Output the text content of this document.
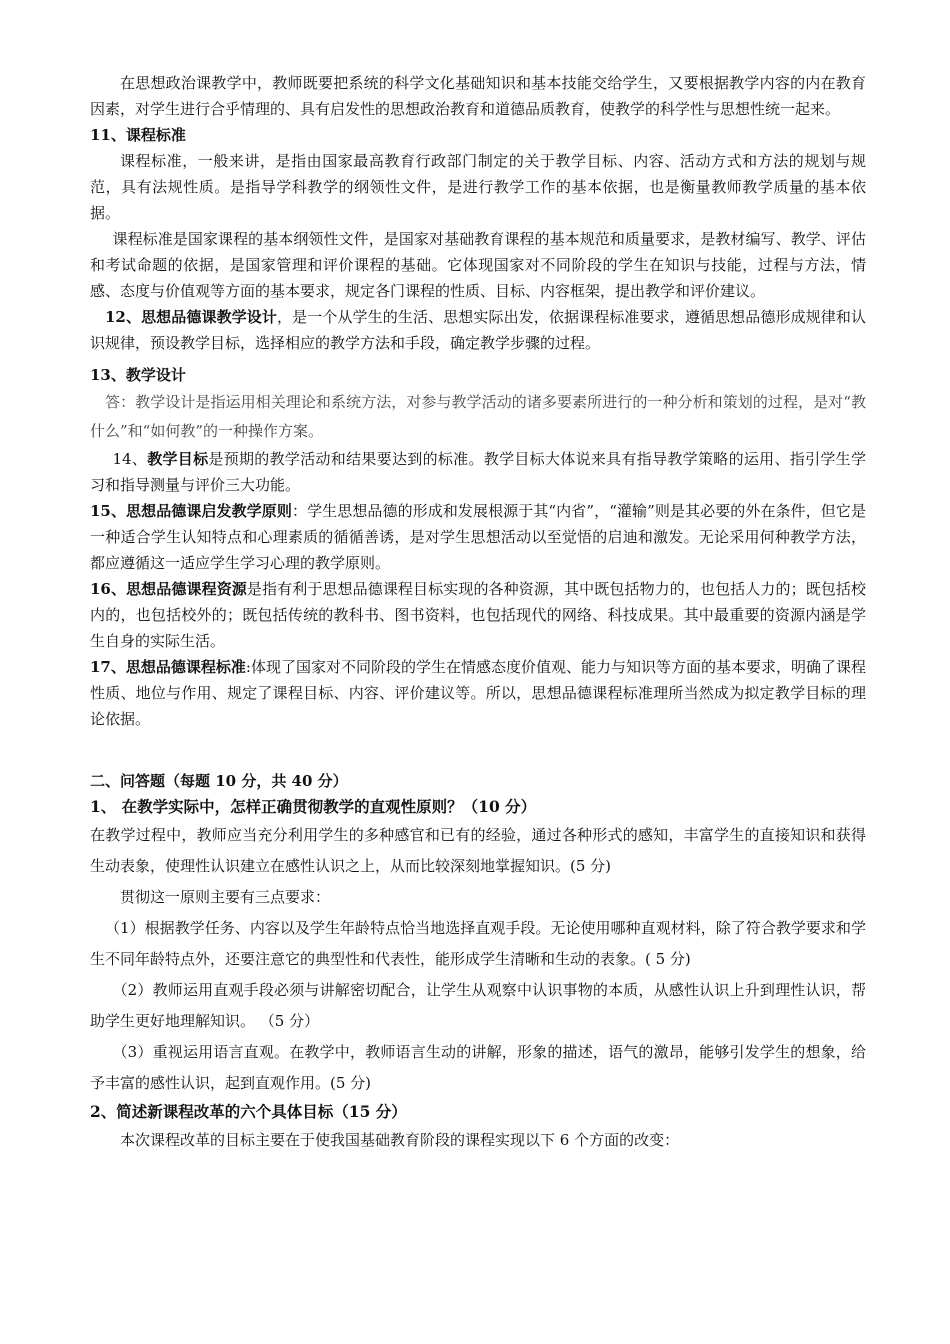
在思想政治课教学中，教师既要把系统的科学文化基础知识和基本技能交给学生，又要根据教学内容的内在教育因素，对学生进行合乎情理的、具有启发性的思想政治教育和道德品质教育，使教学的科学性与思想性统一起来。

11、课程标准

课程标准，一般来讲，是指由国家最高教育行政部门制定的关于教学目标、内容、活动方式和方法的规划与规范，具有法规性质。是指导学科教学的纲领性文件，是进行教学工作的基本依据，也是衡量教师教学质量的基本依据。

课程标准是国家课程的基本纲领性文件，是国家对基础教育课程的基本规范和质量要求，是教材编写、教学、评估和考试命题的依据，是国家管理和评价课程的基础。它体现国家对不同阶段的学生在知识与技能，过程与方法，情感、态度与价值观等方面的基本要求，规定各门课程的性质、目标、内容框架，提出教学和评价建议。

12、思想品德课教学设计，是一个从学生的生活、思想实际出发，依据课程标准要求，遵循思想品德形成规律和认识规律，预设教学目标，选择相应的教学方法和手段，确定教学步骤的过程。

13、教学设计

答：教学设计是指运用相关理论和系统方法，对参与教学活动的诸多要素所进行的一种分析和策划的过程，是对“教什么”和“如何教”的一种操作方案。

14、教学目标是预期的教学活动和结果要达到的标准。教学目标大体说来具有指导教学策略的运用、指引学生学习和指导测量与评价三大功能。

15、思想品德课启发教学原则：学生思想品德的形成和发展根源于其“内省”，“灌输”则是其必要的外在条件，但它是一种适合学生认知特点和心理素质的循循善诱，是对学生思想活动以至觉悟的启迪和激发。无论采用何种教学方法，都应遵循这一适应学生学习心理的教学原则。

16、思想品德课程资源是指有利于思想品德课程目标实现的各种资源，其中既包括物力的，也包括人力的；既包括校内的，也包括校外的；既包括传统的教科书、图书资料，也包括现代的网络、科技成果。其中最重要的资源内涵是学生自身的实际生活。

17、思想品德课程标准:体现了国家对不同阶段的学生在情感态度价值观、能力与知识等方面的基本要求，明确了课程性质、地位与作用、规定了课程目标、内容、评价建议等。所以，思想品德课程标准理所当然成为拟定教学目标的理论依据。

二、问答题（每题 10 分，共 40 分）

1、 在教学实际中，怎样正确贯彻教学的直观性原则？（10 分）

在教学过程中，教师应当充分利用学生的多种感官和已有的经验，通过各种形式的感知，丰富学生的直接知识和获得生动表象，使理性认识建立在感性认识之上，从而比较深刻地掌握知识。(5 分)

贯彻这一原则主要有三点要求：

（1）根据教学任务、内容以及学生年龄特点恰当地选择直观手段。无论使用哪种直观材料，除了符合教学要求和学生不同年龄特点外，还要注意它的典型性和代表性，能形成学生清晰和生动的表象。( 5 分)

（2）教师运用直观手段必须与讲解密切配合，让学生从观察中认识事物的本质，从感性认识上升到理性认识，帮助学生更好地理解知识。 （5 分）

（3）重视运用语言直观。在教学中，教师语言生动的讲解，形象的描述，语气的激昂，能够引发学生的想象，给予丰富的感性认识，起到直观作用。(5 分)

2、简述新课程改革的六个具体目标（15 分）

本次课程改革的目标主要在于使我国基础教育阶段的课程实现以下 6 个方面的改变：
